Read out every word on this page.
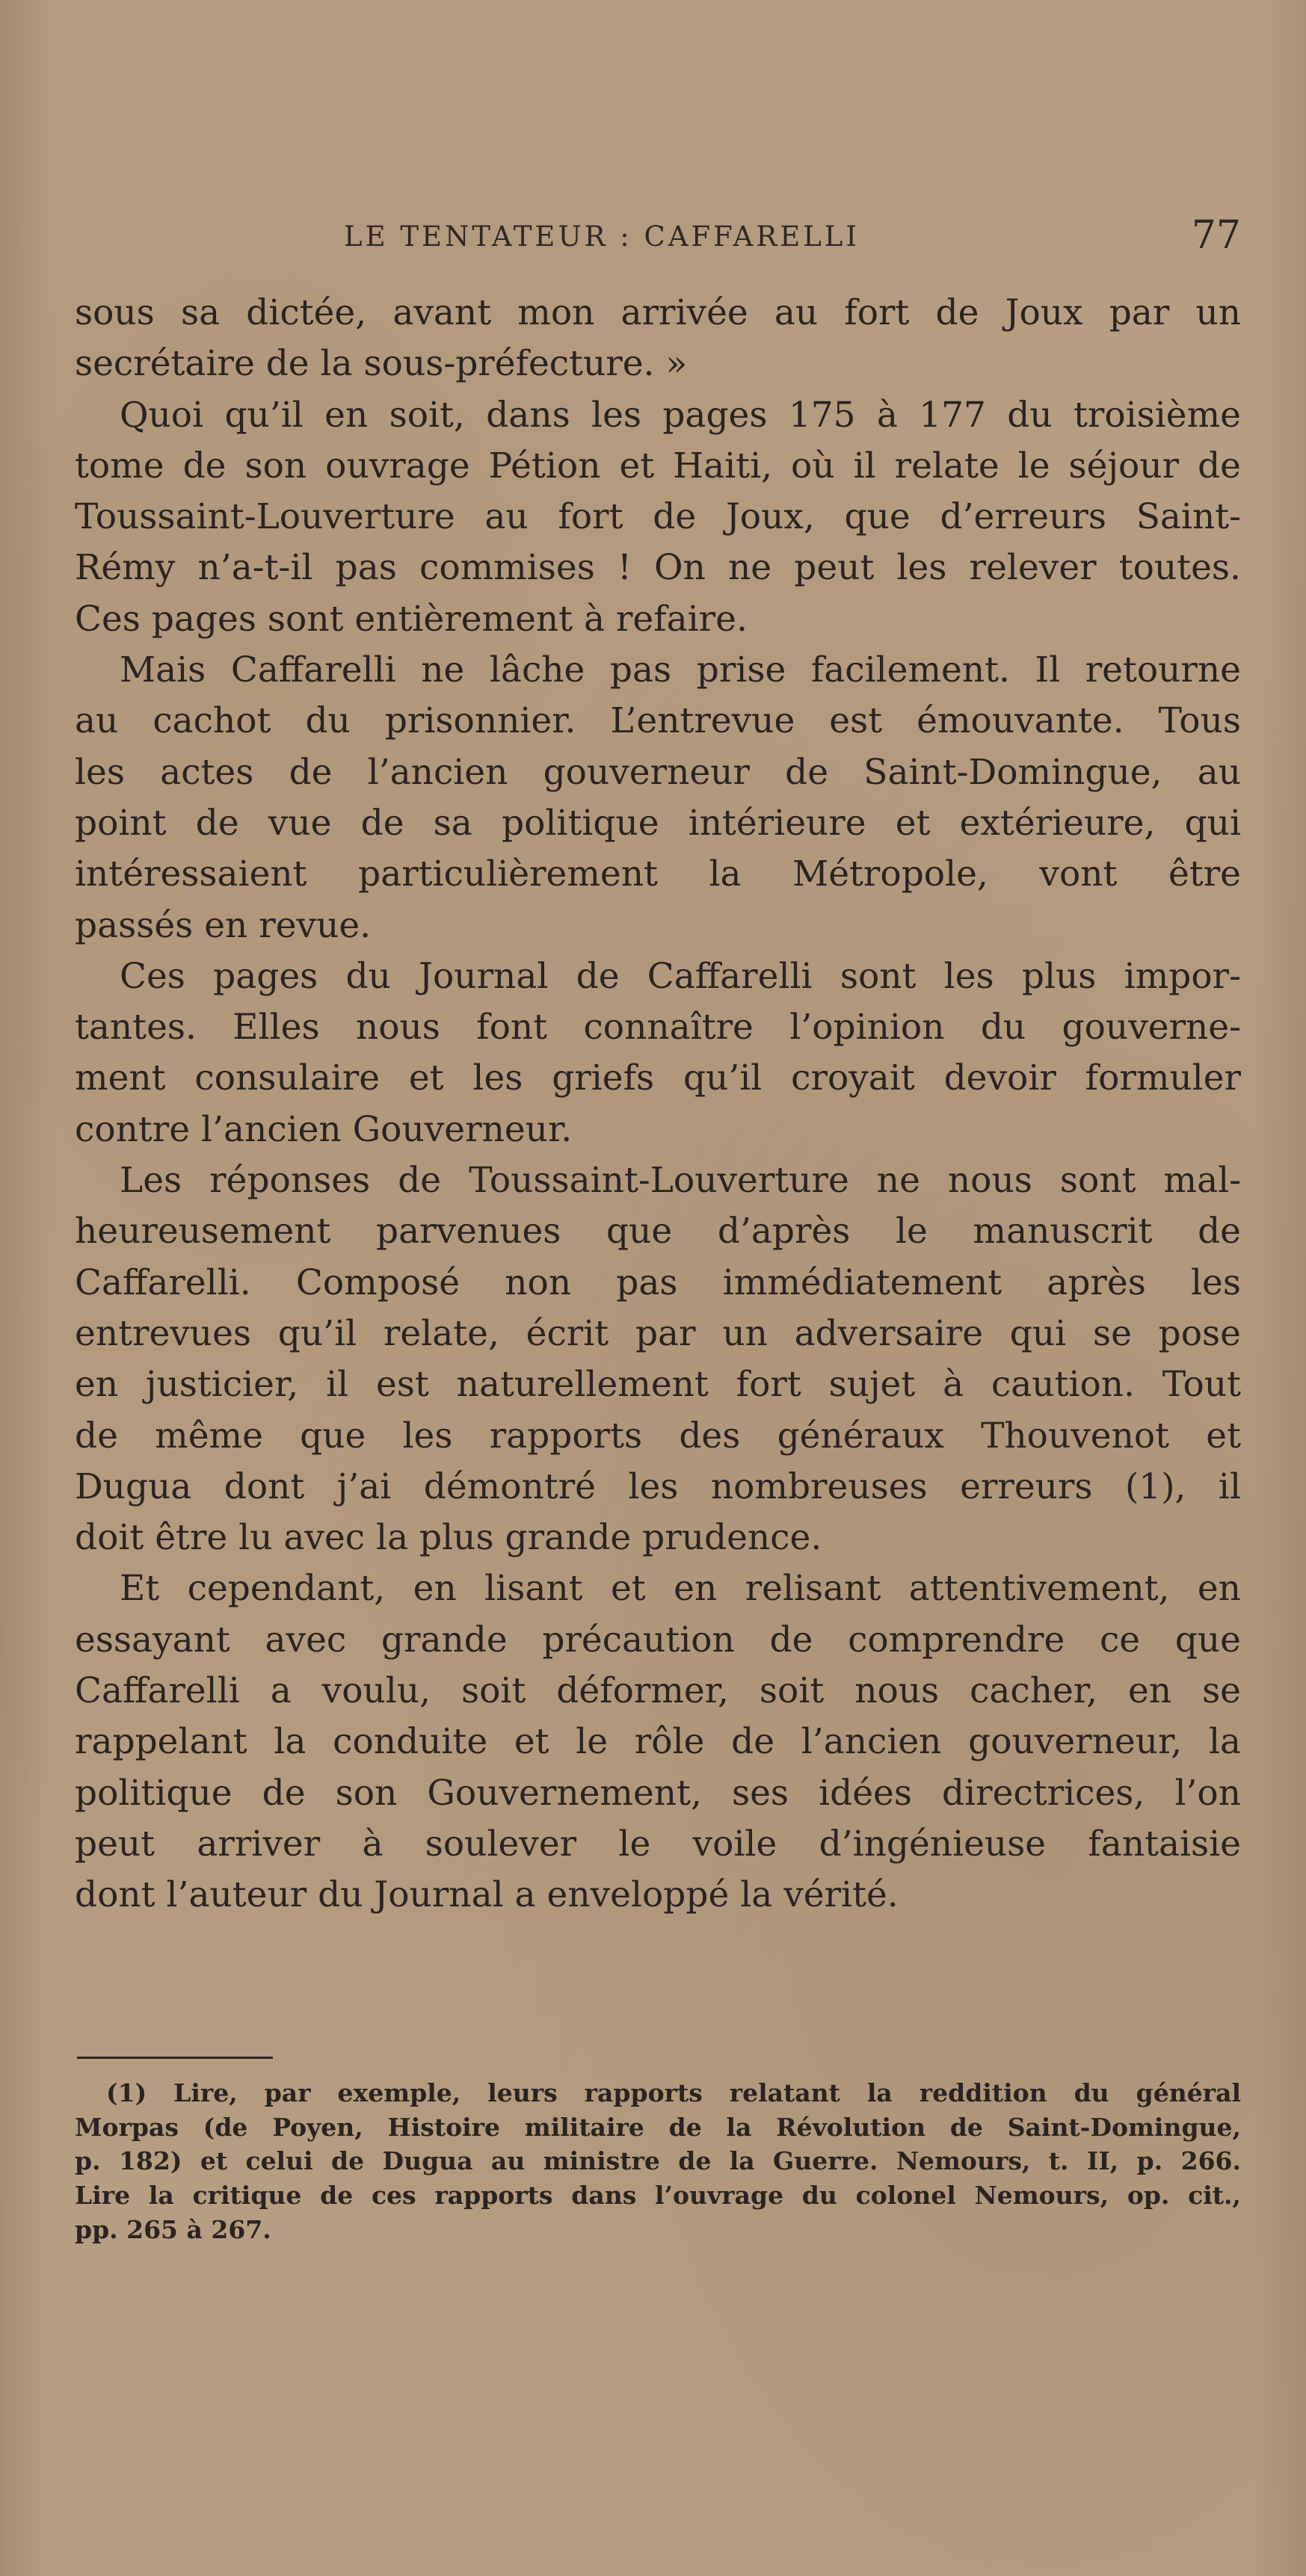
LE TENTATEUR : CAFFARELLI	77
sous sa dictée, avant mon arrivée au fort de Joux par un
secrétaire de la sous-préfecture. »
Quoi qu’il en soit, dans les pages 175 à 177 du troisième
tome de son ouvrage Pétion et Haiti, où il relate le séjour de
Toussaint-Louverture au fort de Joux, que d’erreurs Saint-
Rémy n’a-t-il pas commises ! On ne peut les relever toutes.
Ces pages sont entièrement à refaire.
Mais Caffarelli ne lâche pas prise facilement. Il retourne
au cachot du prisonnier. L’entrevue est émouvante. Tous
les actes de l’ancien gouverneur de Saint-Domingue, au
point de vue de sa politique intérieure et extérieure, qui
intéressaient particulièrement la Métropole, vont être
passés en revue.
Ces pages du Journal de Caffarelli sont les plus impor-
tantes. Elles nous font connaître l’opinion du gouverne-
ment consulaire et les griefs qu’il croyait devoir formuler
contre l’ancien Gouverneur.
Les réponses de Toussaint-Louverture ne nous sont mal-
heureusement parvenues que d’après le manuscrit de
Caffarelli. Composé non pas immédiatement après les
entrevues qu’il relate, écrit par un adversaire qui se pose
en justicier, il est naturellement fort sujet à caution. Tout
de même que les rapports des généraux Thouvenot et
Dugua dont j’ai démontré les nombreuses erreurs (1), il
doit être lu avec la plus grande prudence.
Et cependant, en lisant et en relisant attentivement, en
essayant avec grande précaution de comprendre ce que
Caffarelli a voulu, soit déformer, soit nous cacher, en se
rappelant la conduite et le rôle de l’ancien gouverneur, la
politique de son Gouvernement, ses idées directrices, l’on
peut arriver à soulever le voile d’ingénieuse fantaisie
dont l’auteur du Journal a enveloppé la vérité.
(1) Lire, par exemple, leurs rapports relatant la reddition du général
Morpas (de Poyen, Histoire militaire de la Révolution de Saint-Domingue,
p. 182) et celui de Dugua au ministre de la Guerre. Nemours, t. II, p. 266.
Lire la critique de ces rapports dans l’ouvrage du colonel Nemours, op. cit.,
pp. 265 à 267.
